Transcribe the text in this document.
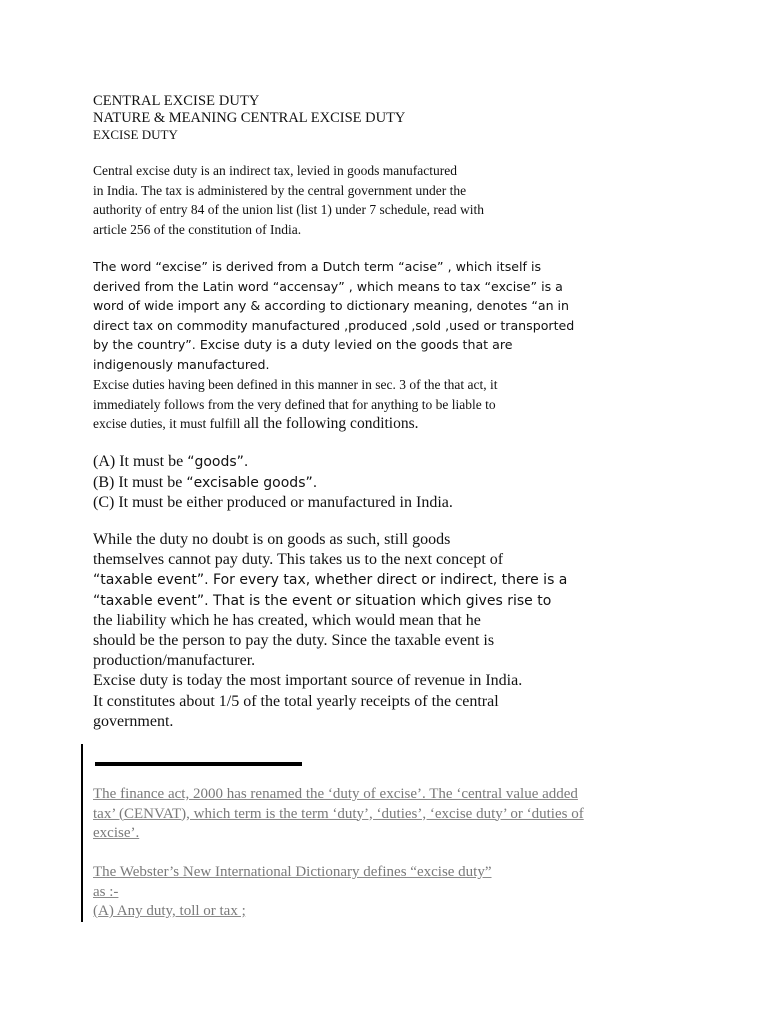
CENTRAL EXCISE DUTY

NATURE & MEANING CENTRAL EXCISE DUTY

EXCISE DUTY

Central excise duty is an indirect tax, levied in goods manufactured
in India. The tax is administered by the central government under the
authority of entry 84 of the union list (list 1) under 7 schedule, read with
article 256 of the constitution of India.

The word “excise” is derived from a Dutch term “acise” , which itself is
derived from the Latin word “accensay” , which means to tax “excise” is a
word of wide import any & according to dictionary meaning, denotes “an in
direct tax on commodity manufactured ,produced ,sold ,used or transported
by the country”. Excise duty is a duty levied on the goods that are
indigenously manufactured.

Excise duties having been defined in this manner in sec. 3 of the that act, it
immediately follows from the very defined that for anything to be liable to
excise duties, it must fulfill all the following conditions.

(A) It must be “goods”.
(B) It must be “excisable goods”.
(C) It must be either produced or manufactured in India.

While the duty no doubt is on goods as such, still goods
themselves cannot pay duty. This takes us to the next concept of
“taxable event”. For every tax, whether direct or indirect, there is a
“taxable event”. That is the event or situation which gives rise to
the liability which he has created, which would mean that he
should be the person to pay the duty. Since the taxable event is
production/manufacturer.
Excise duty is today the most important source of revenue in India.
It constitutes about 1/5 of the total yearly receipts of the central
government.

The finance act, 2000 has renamed the ‘duty of excise’. The ‘central value added
tax’ (CENVAT), which term is the term ‘duty’, ‘duties’, ‘excise duty’ or ‘duties of
excise’.

The Webster’s New International Dictionary defines “excise duty”
as :-
(A) Any duty, toll or tax ;
